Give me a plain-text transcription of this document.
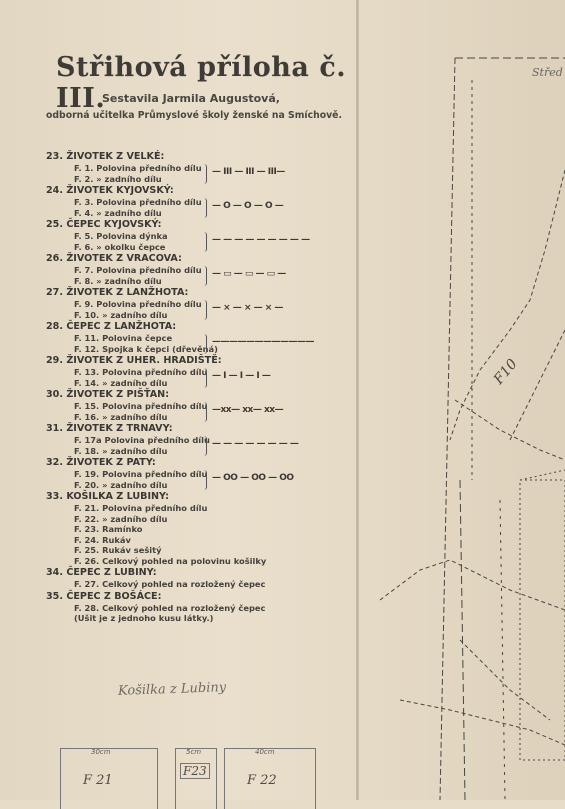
Střihová příloha č. III.
Sestavila Jarmila Augustová,
odborná učitelka Průmyslové školy ženské na Smíchově.
23. ŽIVOTEK Z VELKÉ:
F. 1. Polovina předního dílu
F. 2. » zadního dílu
— III — III — III—
24. ŽIVOTEK KYJOVSKÝ:
F. 3. Polovina předního dílu
F. 4. » zadního dílu
— O — O — O —
25. ČEPEC KYJOVSKÝ:
F. 5. Polovina dýnka
F. 6. » okolku čepce
— — — — — — — — —
26. ŽIVOTEK Z VRACOVA:
F. 7. Polovina předního dílu
F. 8. » zadního dílu
— ▭ — ▭ — ▭ —
27. ŽIVOTEK Z LANŽHOTA:
F. 9. Polovina předního dílu
F. 10. » zadního dílu
— × — × — × —
28. ČEPEC Z LANŽHOTA:
F. 11. Polovina čepce
F. 12. Spojka k čepci (dřevěná)
————————————
29. ŽIVOTEK Z UHER. HRADIŠTĚ:
F. 13. Polovina předního dílu
F. 14. » zadního dílu
— I — I — I —
30. ŽIVOTEK Z PIŠŤAN:
F. 15. Polovina předního dílu
F. 16. » zadního dílu
—xx— xx— xx—
31. ŽIVOTEK Z TRNAVY:
F. 17a Polovina předního dílu
F. 18. » zadního dílu
— — — — — — — —
32. ŽIVOTEK Z PATY:
F. 19. Polovina předního dílu
F. 20. » zadního dílu
— OO — OO — OO
33. KOŠILKA Z LUBINY:
F. 21. Polovina předního dílu
F. 22. » zadního dílu
F. 23. Ramínko
F. 24. Rukáv
F. 25. Rukáv sešitý
F. 26. Celkový pohled na polovinu košilky
34. ČEPEC Z LUBINY:
F. 27. Celkový pohled na rozložený čepec
35. ČEPEC Z BOŠÁCE:
F. 28. Celkový pohled na rozložený čepec
(Ušit je z jednoho kusu látky.)
Košilka z Lubiny
30cm
F 21
5cm
F23
40cm
F 22
Střed
F10
